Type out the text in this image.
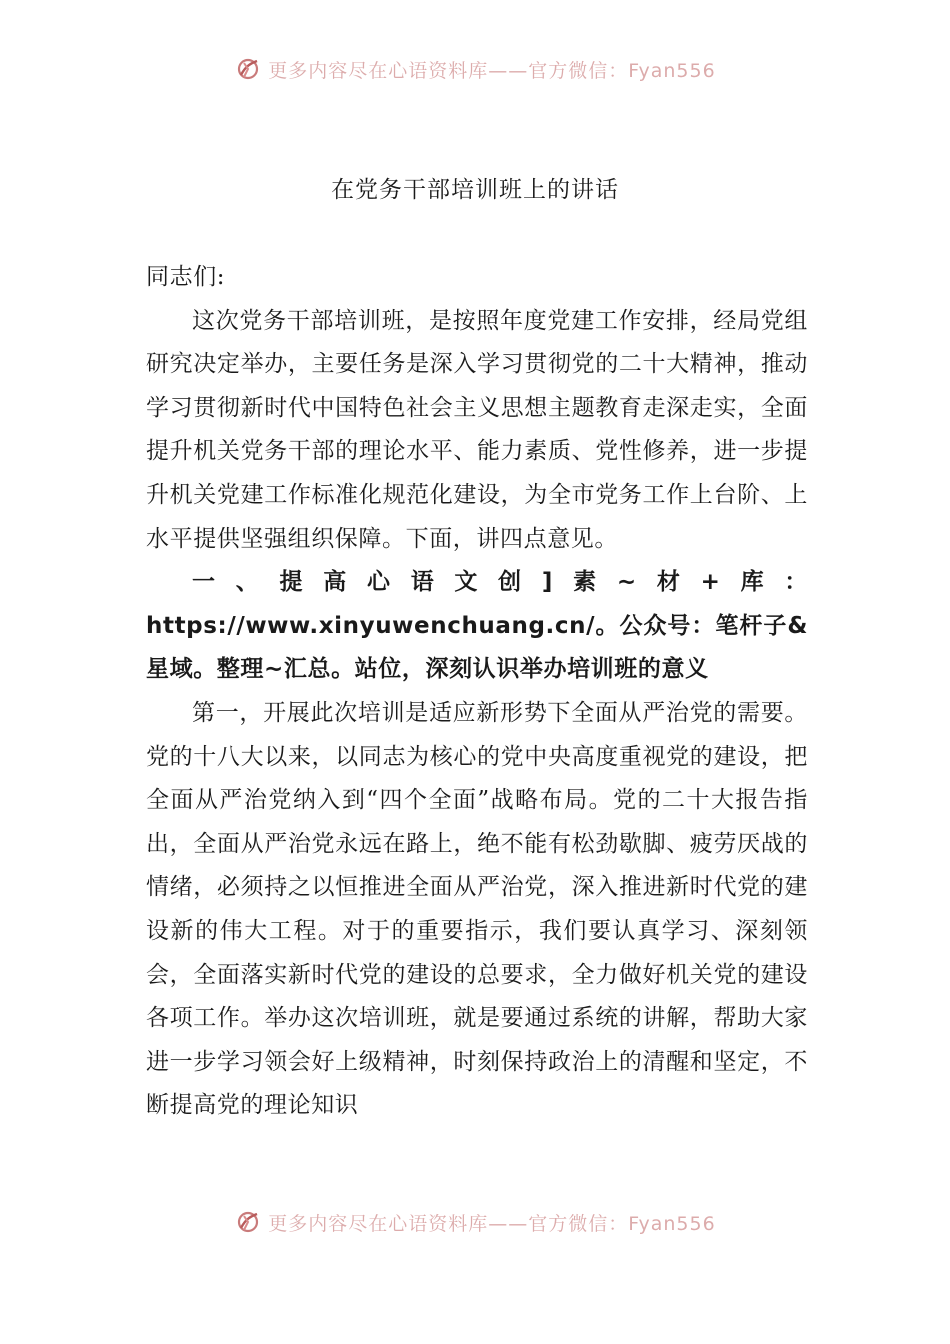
更多内容尽在心语资料库——官方微信：Fyan556
在党务干部培训班上的讲话

同志们:

这次党务干部培训班，是按照年度党建工作安排，经局党组研究决定举办，主要任务是深入学习贯彻党的二十大精神，推动学习贯彻新时代中国特色社会主义思想主题教育走深走实，全面提升机关党务干部的理论水平、能力素质、党性修养，进一步提升机关党建工作标准化规范化建设，为全市党务工作上台阶、上水平提供坚强组织保障。下面，讲四点意见。

一、提高心语文创]素~材+库：https://www.xinyuwenchuang.cn/。公众号：笔杆子&星域。整理~汇总。站位，深刻认识举办培训班的意义

第一，开展此次培训是适应新形势下全面从严治党的需要。党的十八大以来，以同志为核心的党中央高度重视党的建设，把全面从严治党纳入到“四个全面”战略布局。党的二十大报告指出，全面从严治党永远在路上，绝不能有松劲歇脚、疲劳厌战的情绪，必须持之以恒推进全面从严治党，深入推进新时代党的建设新的伟大工程。对于的重要指示，我们要认真学习、深刻领会，全面落实新时代党的建设的总要求，全力做好机关党的建设各项工作。举办这次培训班，就是要通过系统的讲解，帮助大家进一步学习领会好上级精神，时刻保持政治上的清醒和坚定，不断提高党的理论知识

更多内容尽在心语资料库——官方微信：Fyan556
